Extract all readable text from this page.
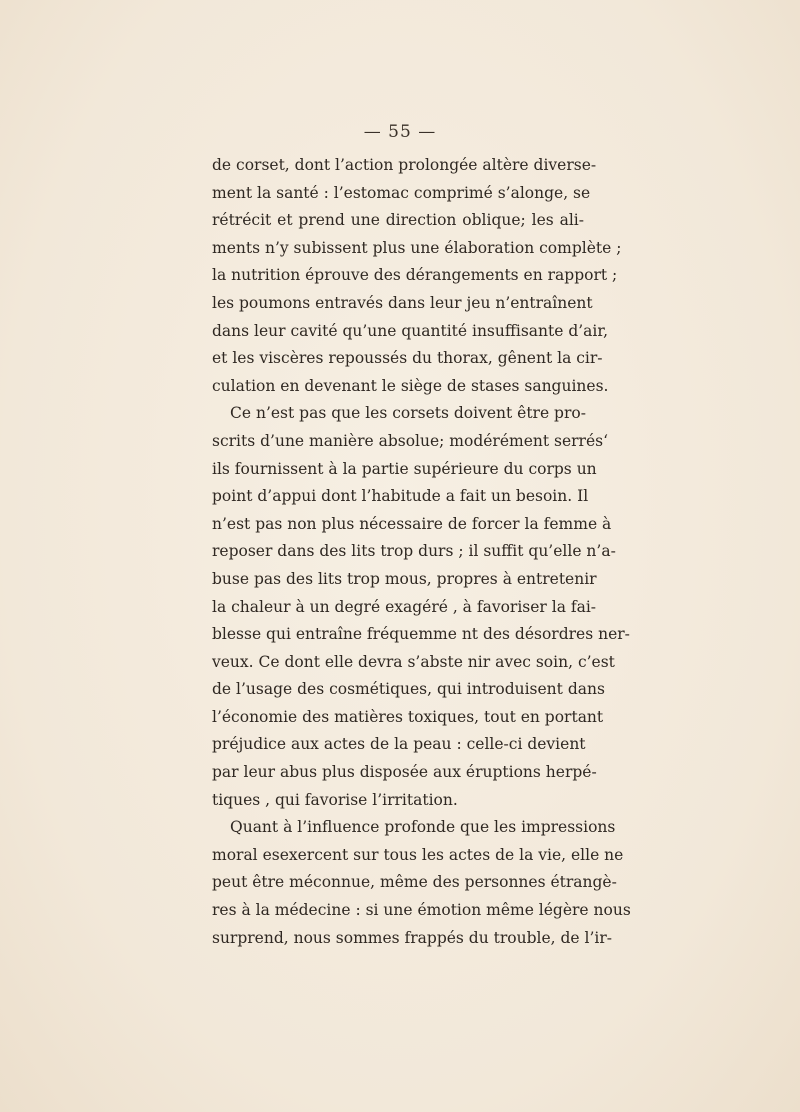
— 55 —
de corset, dont l’action prolongée altère diverse-
ment la santé : l’estomac comprimé s’alonge, se
rétrécit et prend une direction oblique; les ali-
ments n’y subissent plus une élaboration complète ;
la nutrition éprouve des dérangements en rapport ;
les poumons entravés dans leur jeu n’entraînent
dans leur cavité qu’une quantité insuffisante d’air,
et les viscères repoussés du thorax, gênent la cir-
culation en devenant le siège de stases sanguines.
Ce n’est pas que les corsets doivent être pro-
scrits d’une manière absolue; modérément serrés‘
ils fournissent à la partie supérieure du corps un
point d’appui dont l’habitude a fait un besoin. Il
n’est pas non plus nécessaire de forcer la femme à
reposer dans des lits trop durs ; il suffit qu’elle n’a-
buse pas des lits trop mous, propres à entretenir
la chaleur à un degré exagéré , à favoriser la fai-
blesse qui entraîne fréquemme nt des désordres ner-
veux. Ce dont elle devra s’abste nir avec soin, c’est
de l’usage des cosmétiques, qui introduisent dans
l’économie des matières toxiques, tout en portant
préjudice aux actes de la peau : celle-ci devient
par leur abus plus disposée aux éruptions herpé-
tiques , qui favorise l’irritation.
Quant à l’influence profonde que les impressions
moral esexercent sur tous les actes de la vie, elle ne
peut être méconnue, même des personnes étrangè-
res à la médecine : si une émotion même légère nous
surprend, nous sommes frappés du trouble, de l’ir-
